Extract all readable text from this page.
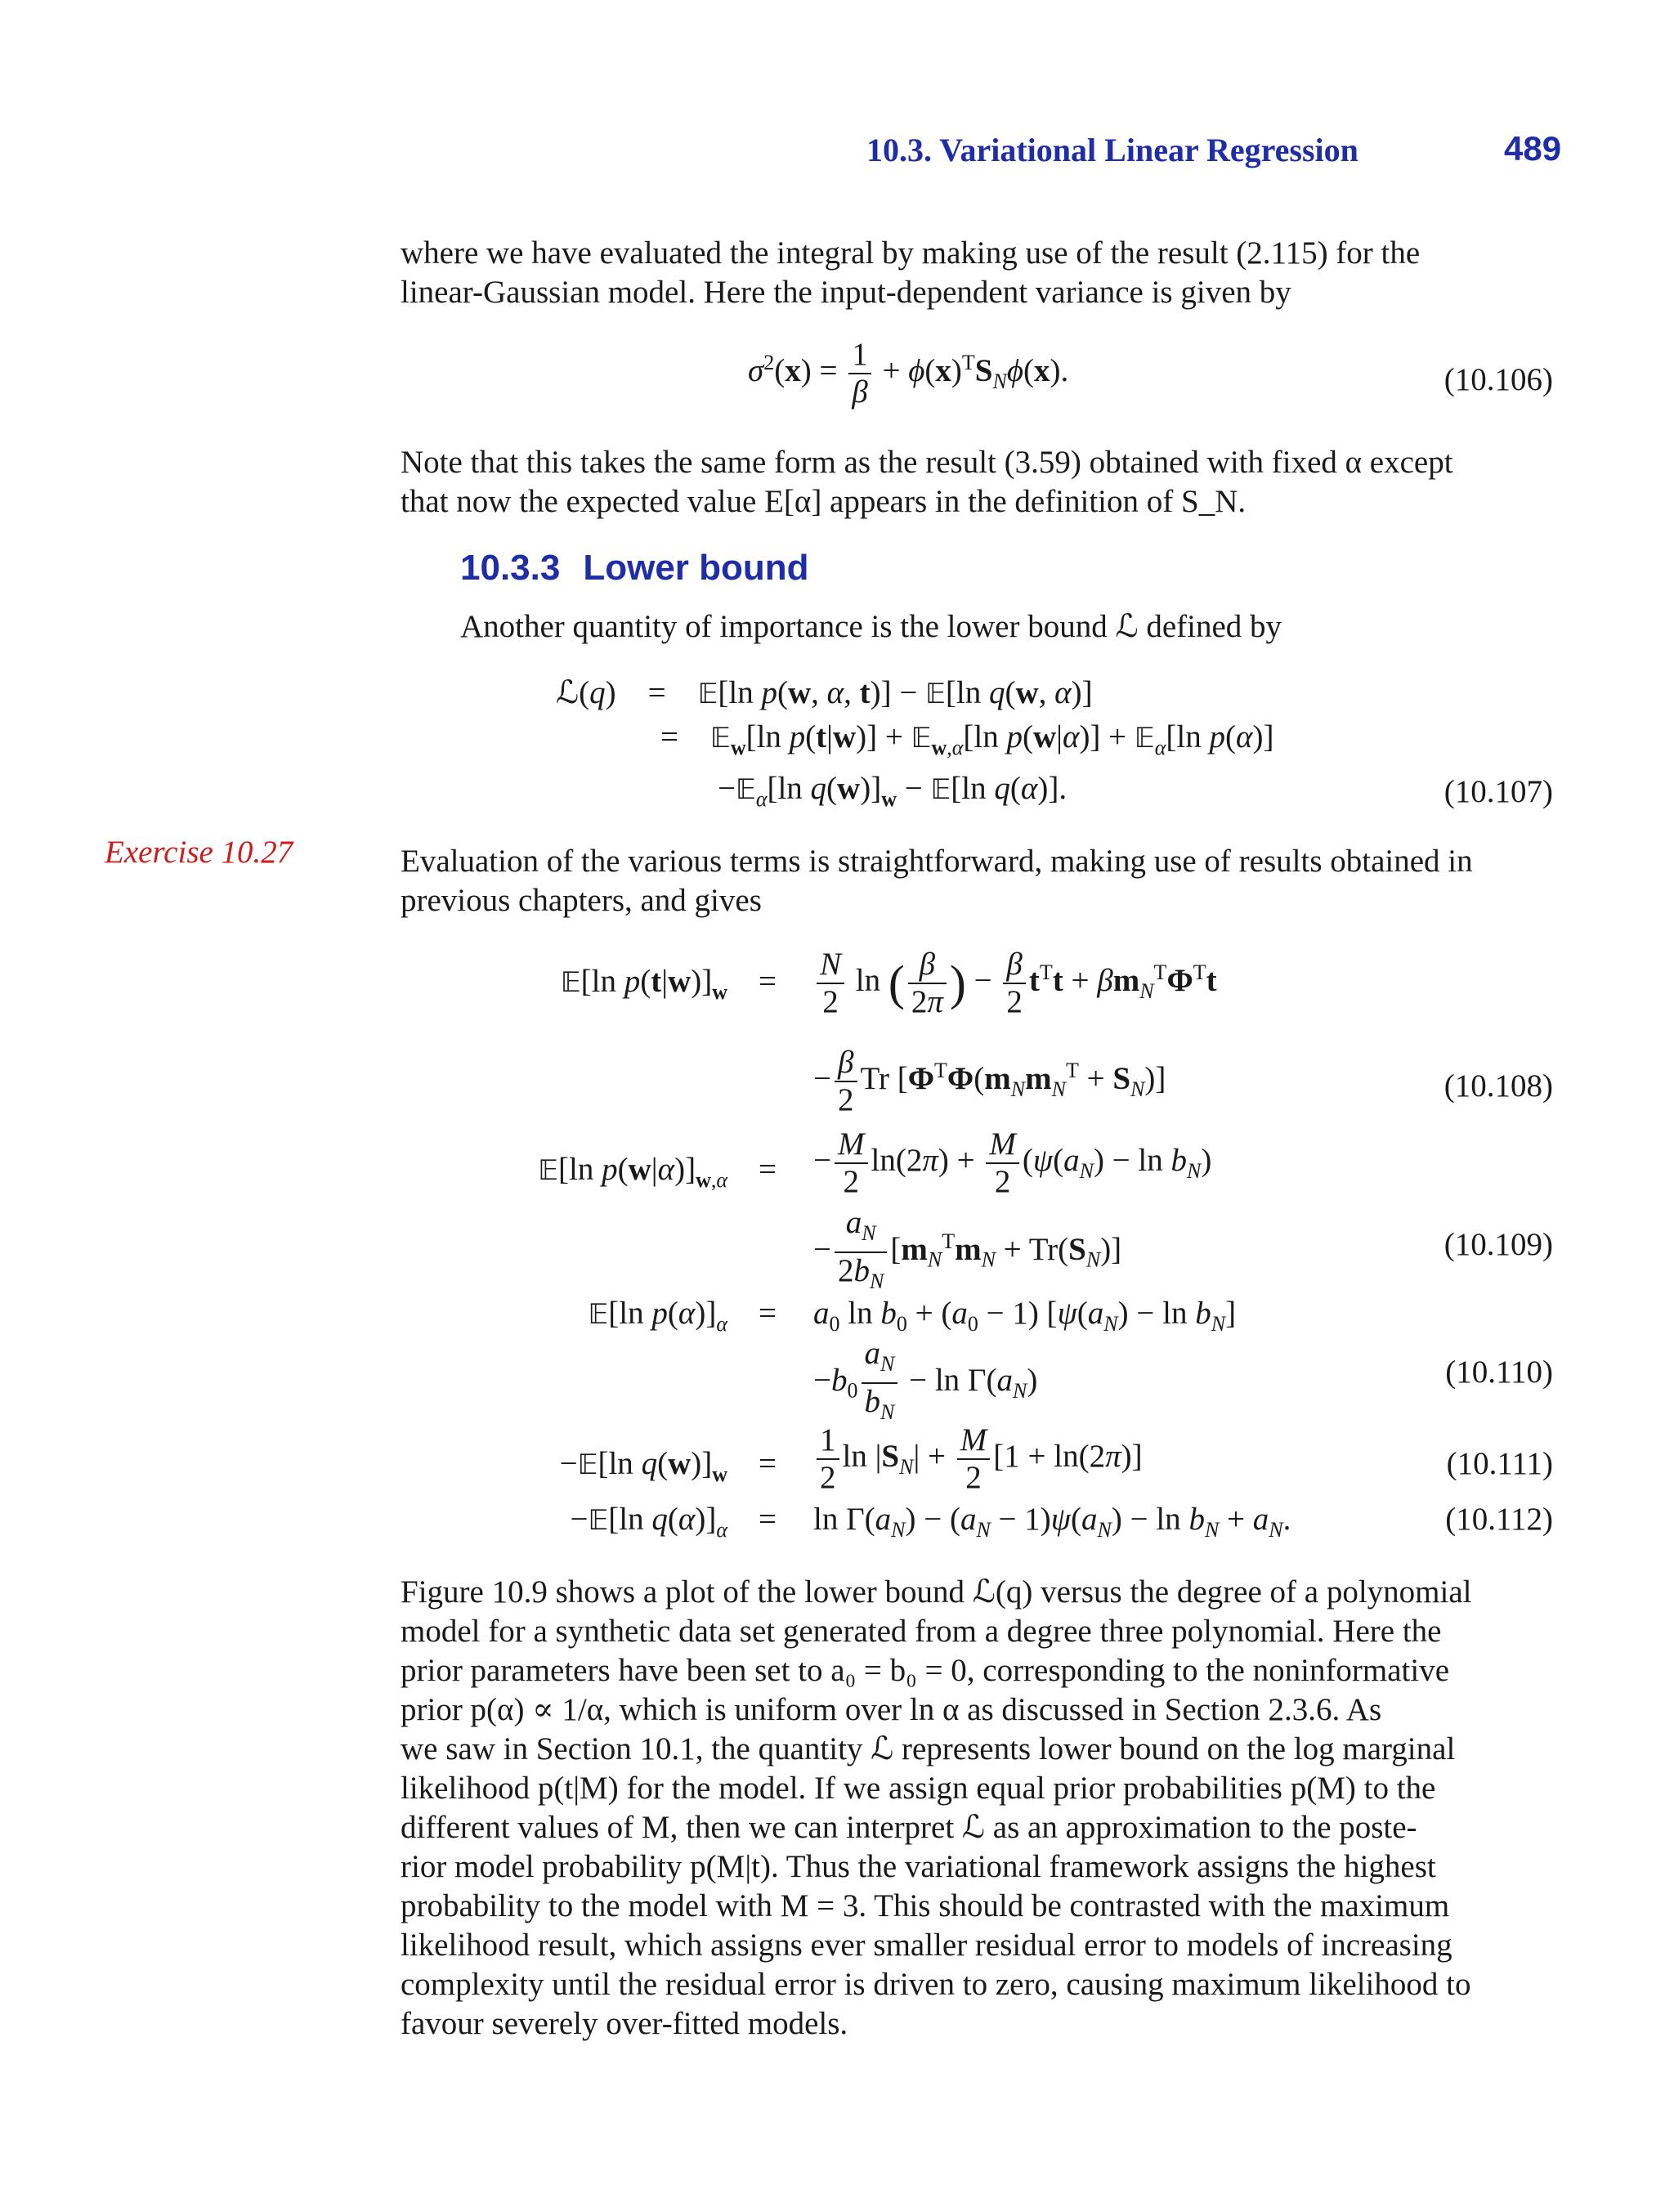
10.3. Variational Linear Regression	489
where we have evaluated the integral by making use of the result (2.115) for the
linear-Gaussian model. Here the input-dependent variance is given by
$\sigma^2(x) = \frac{1}{\beta} + \phi(x)^TS_N\phi(x)$.	(10.106)
Note that this takes the same form as the result (3.59) obtained with fixed α except
that now the expected value E[α] appears in the definition of S_N.
10.3.3 Lower bound
Another quantity of importance is the lower bound ℒ defined by
ℒ(q)    =    𝔼[ln p(w, α, t)] − 𝔼[ln q(w, α)]
=    𝔼$_w$[ln p(t|w)] + 𝔼$_{w,\alpha}$[ln p(w|α)] + 𝔼$_\alpha$[ln p(α)]
−𝔼$_\alpha$[ln $q(w)]_w$ − 𝔼[ln q(α)].	(10.107)
Exercise 10.27	Evaluation of the various terms is straightforward, making use of results obtained in
previous chapters, and gives
𝔼[ln $p(t|w)]_w = \frac{N}{2}$ ln ( $\frac{\beta}{2\pi}$ ) − $\frac{\beta}{2} t^Tt + \beta m_N^T\Phi^Tt$
− $\frac{\beta}{2}$ Tr $[\Phi^T\Phi(m_Nm_N^T + S_N)]$	(10.108)
𝔼[ln $p(w|\alpha)]_{w,\alpha}$ = − $\frac{M}{2} \ln(2\pi) + \frac{M}{2} (\psi(a_N) - \ln b_N)$
− $\frac{a_N}{2b_N} [m_N^Tm_N + Tr(S_N)]$	(10.109)
𝔼[ln $p(\alpha)]_\alpha = a_0$ $\ln b_0 + (a_0 - 1) [\psi(a_N) - \ln b_N]$
$-b_0 \frac{a_N}{b_N} - \ln \Gamma(a_N)$	(10.110)
−𝔼[ln $q(w)]_w = \frac{1}{2}$ $\ln |S_N| + \frac{M}{2} [1 + \ln(2\pi)]$	(10.111)
−𝔼[ln $q(\alpha)]_\alpha = \ln \Gamma(a_N) - (a_N - 1)\psi(a_N) - \ln b_N + a_N$.	(10.112)
Figure 10.9 shows a plot of the lower bound ℒ(q) versus the degree of a polynomial
model for a synthetic data set generated from a degree three polynomial. Here the
prior parameters have been set to a₀ = b₀ = 0, corresponding to the noninformative
prior p(α) ∝ 1/α, which is uniform over ln α as discussed in Section 2.3.6. As
we saw in Section 10.1, the quantity ℒ represents lower bound on the log marginal
likelihood p(t|M) for the model. If we assign equal prior probabilities p(M) to the
different values of M, then we can interpret ℒ as an approximation to the poste-
rior model probability p(M|t). Thus the variational framework assigns the highest
probability to the model with M = 3. This should be contrasted with the maximum
likelihood result, which assigns ever smaller residual error to models of increasing
complexity until the residual error is driven to zero, causing maximum likelihood to
favour severely over-fitted models.
